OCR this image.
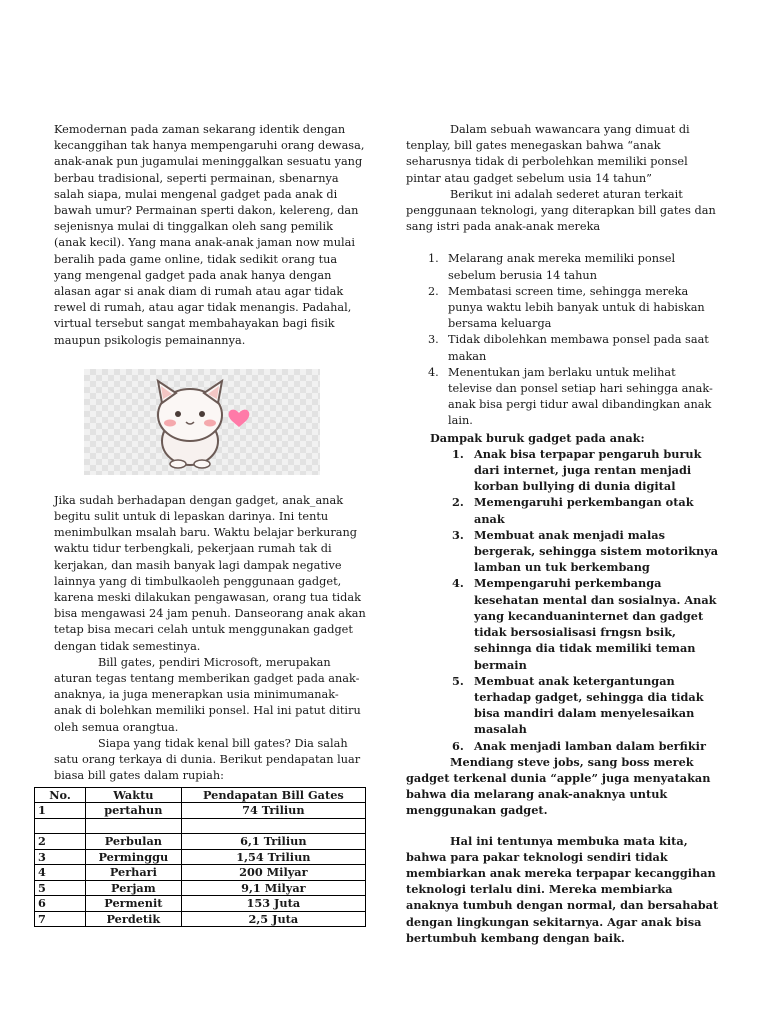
Kemodernan pada zaman sekarang identik dengan kecanggihan tak hanya mempengaruhi orang dewasa, anak-anak pun jugamulai meninggalkan sesuatu yang berbau tradisional, seperti permainan, sbenarnya salah siapa, mulai mengenal gadget pada anak di bawah umur? Permainan sperti dakon, kelereng, dan sejenisnya mulai di tinggalkan oleh sang pemilik (anak kecil). Yang mana anak-anak jaman now mulai beralih pada game online, tidak sedikit orang tua yang mengenal gadget pada anak hanya dengan alasan agar si anak diam di rumah atau agar tidak rewel di rumah, atau agar tidak menangis. Padahal, virtual tersebut sangat membahayakan bagi fisik maupun psikologis pemainannya.

Jika sudah berhadapan dengan gadget, anak_anak begitu sulit untuk di lepaskan darinya. Ini tentu menimbulkan msalah baru. Waktu belajar berkurang waktu tidur terbengkali, pekerjaan rumah tak di kerjakan, dan masih banyak lagi dampak negative lainnya yang di timbulkaoleh penggunaan gadget, karena meski dilakukan pengawasan, orang tua tidak bisa mengawasi 24 jam penuh. Danseorang anak akan tetap bisa mecari celah untuk menggunakan gadget dengan tidak semestinya.

Bill gates, pendiri Microsoft, merupakan aturan tegas tentang memberikan gadget pada anak-anaknya, ia juga menerapkan usia minimumanak-anak di bolehkan memiliki ponsel. Hal ini patut ditiru oleh semua orangtua.

Siapa yang tidak kenal bill gates? Dia salah satu orang terkaya di dunia. Berikut pendapatan luar biasa bill gates dalam rupiah:

No.	Waktu	Pendapatan Bill Gates
1	pertahun	74 Triliun

2	Perbulan	6,1 Triliun
3	Perminggu	1,54 Triliun
4	Perhari	200 Milyar
5	Perjam	9,1 Milyar
6	Permenit	153 Juta
7	Perdetik	2,5 Juta

Dalam sebuah wawancara yang dimuat di tenplay, bill gates menegaskan bahwa “anak seharusnya tidak di perbolehkan memiliki ponsel pintar atau gadget sebelum usia 14 tahun”

Berikut ini adalah sederet aturan terkait penggunaan teknologi, yang diterapkan bill gates dan sang istri pada anak-anak mereka

1. Melarang anak mereka memiliki ponsel sebelum berusia 14 tahun
2. Membatasi screen time, sehingga mereka punya waktu lebih banyak untuk di habiskan bersama keluarga
3. Tidak dibolehkan membawa ponsel pada saat makan
4. Menentukan jam berlaku untuk melihat televise dan ponsel setiap hari sehingga anak-anak bisa pergi tidur awal dibandingkan anak lain.

Dampak buruk gadget pada anak:

1. Anak bisa terpapar pengaruh buruk dari internet, juga rentan menjadi korban bullying di dunia digital
2. Memengaruhi perkembangan otak anak
3. Membuat anak menjadi malas bergerak, sehingga sistem motoriknya lamban un tuk berkembang
4. Mempengaruhi perkembanga kesehatan mental dan sosialnya. Anak yang kecanduaninternet dan gadget tidak bersosialisasi frngsn bsik, sehinnga dia tidak memiliki teman bermain
5. Membuat anak ketergantungan terhadap gadget, sehingga dia tidak bisa mandiri dalam menyelesaikan masalah
6. Anak menjadi lamban dalam berfikir

Mendiang steve jobs, sang boss merek gadget terkenal dunia “apple” juga menyatakan bahwa dia melarang anak-anaknya untuk menggunakan gadget.

Hal ini tentunya membuka mata kita, bahwa para pakar teknologi sendiri tidak membiarkan anak mereka terpapar kecanggihan teknologi terlalu dini. Mereka membiarka anaknya tumbuh dengan normal, dan bersahabat dengan lingkungan sekitarnya. Agar anak bisa bertumbuh kembang dengan baik.
